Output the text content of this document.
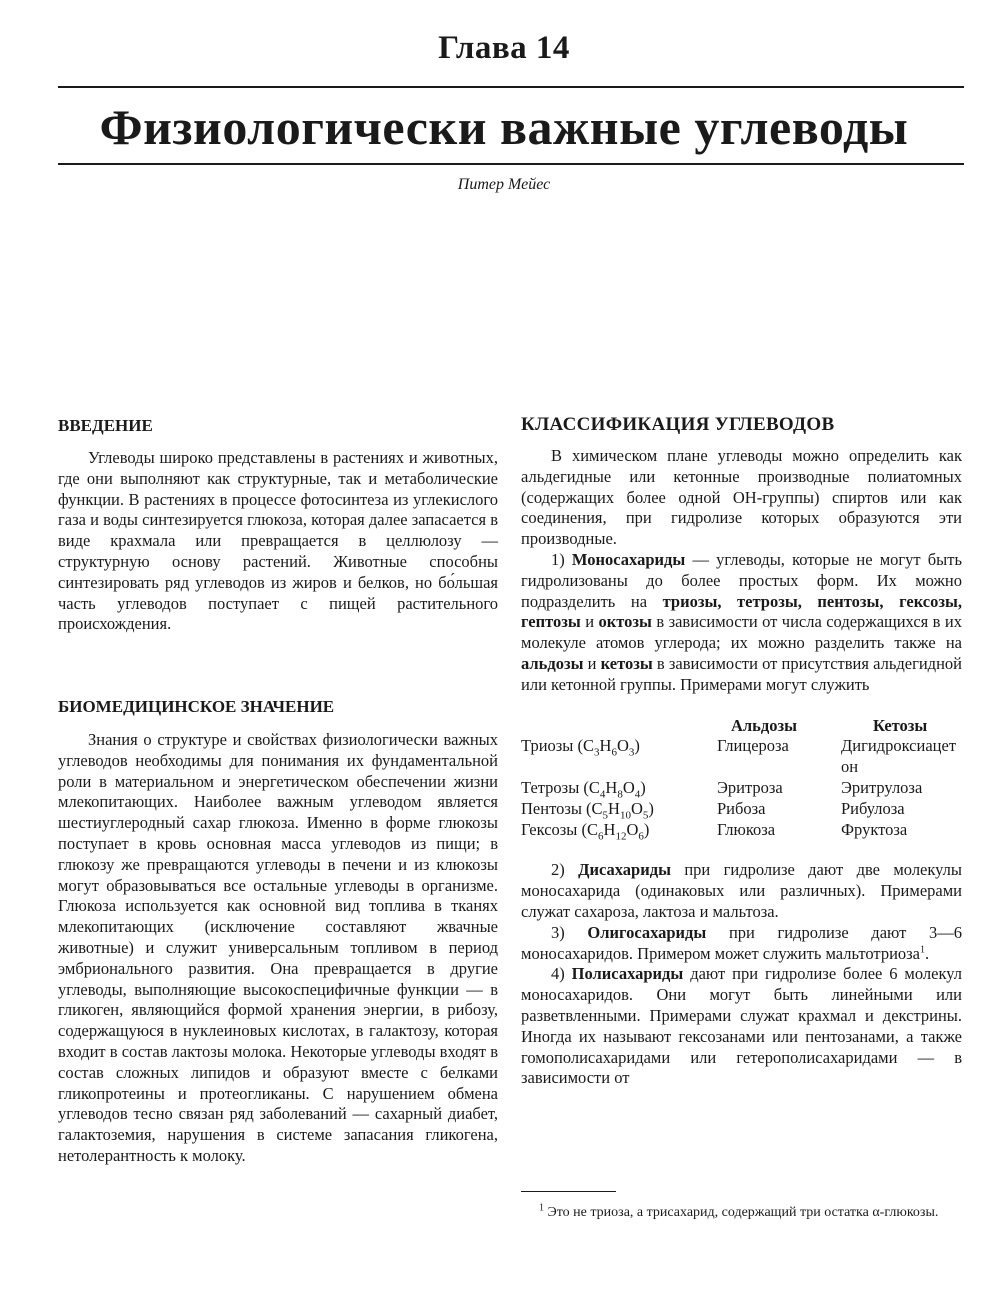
Глава 14
Физиологически важные углеводы
Питер Мейес
ВВЕДЕНИЕ

Углеводы широко представлены в растениях и животных, где они выполняют как структурные, так и метаболические функции. В растениях в процессе фотосинтеза из углекислого газа и воды синтезируется глюкоза, которая далее запасается в виде крахмала или превращается в целлюлозу — структурную основу растений. Животные способны синтезировать ряд углеводов из жиров и белков, но бо́льшая часть углеводов поступает с пищей растительного происхождения.

БИОМЕДИЦИНСКОЕ ЗНАЧЕНИЕ

Знания о структуре и свойствах физиологически важных углеводов необходимы для понимания их фундаментальной роли в материальном и энергетическом обеспечении жизни млекопитающих. Наиболее важным углеводом является шестиуглеродный сахар глюкоза. Именно в форме глюкозы поступает в кровь основная масса углеводов из пищи; в глюкозу же превращаются углеводы в печени и из клюкозы могут образовываться все остальные углеводы в организме. Глюкоза используется как основной вид топлива в тканях млекопитающих (исключение составляют жвачные животные) и служит универсальным топливом в период эмбрионального развития. Она превращается в другие углеводы, выполняющие высокоспецифичные функции — в гликоген, являющийся формой хранения энергии, в рибозу, содержащуюся в нуклеиновых кислотах, в галактозу, которая входит в состав лактозы молока. Некоторые углеводы входят в состав сложных липидов и образуют вместе с белками гликопротеины и протеогликаны. С нарушением обмена углеводов тесно связан ряд заболеваний — сахарный диабет, галактоземия, нарушения в системе запасания гликогена, нетолерантность к молоку.

КЛАССИФИКАЦИЯ УГЛЕВОДОВ

В химическом плане углеводы можно определить как альдегидные или кетонные производные полиатомных (содержащих более одной ОН-группы) спиртов или как соединения, при гидролизе которых образуются эти производные.

1) Моносахариды — углеводы, которые не могут быть гидролизованы до более простых форм. Их можно подразделить на триозы, тетрозы, пентозы, гексозы, гептозы и октозы в зависимости от числа содержащихся в их молекуле атомов углерода; их можно разделить также на альдозы и кетозы в зависимости от присутствия альдегидной или кетонной группы. Примерами могут служить

	Альдозы	Кетозы
Триозы $(C_3H_6O_3)$	Глицероза	Дигидроксиацетон
Тетрозы $(C_4H_8O_4)$	Эритроза	Эритрулоза
Пентозы $(C_5H_{10}O_5)$	Рибоза	Рибулоза
Гексозы $(C_6H_{12}O_6)$	Глюкоза	Фруктоза

2) Дисахариды при гидролизе дают две молекулы моносахарида (одинаковых или различных). Примерами служат сахароза, лактоза и мальтоза.

3) Олигосахариды при гидролизе дают 3—6 моносахаридов. Примером может служить мальтотриоза$^1$.

4) Полисахариды дают при гидролизе более 6 молекул моносахаридов. Они могут быть линейными или разветвленными. Примерами служат крахмал и декстрины. Иногда их называют гексозанами или пентозанами, а также гомополисахаридами или гетерополисахаридами — в зависимости от

$^1$ Это не триоза, а трисахарид, содержащий три остатка α-глюкозы.
